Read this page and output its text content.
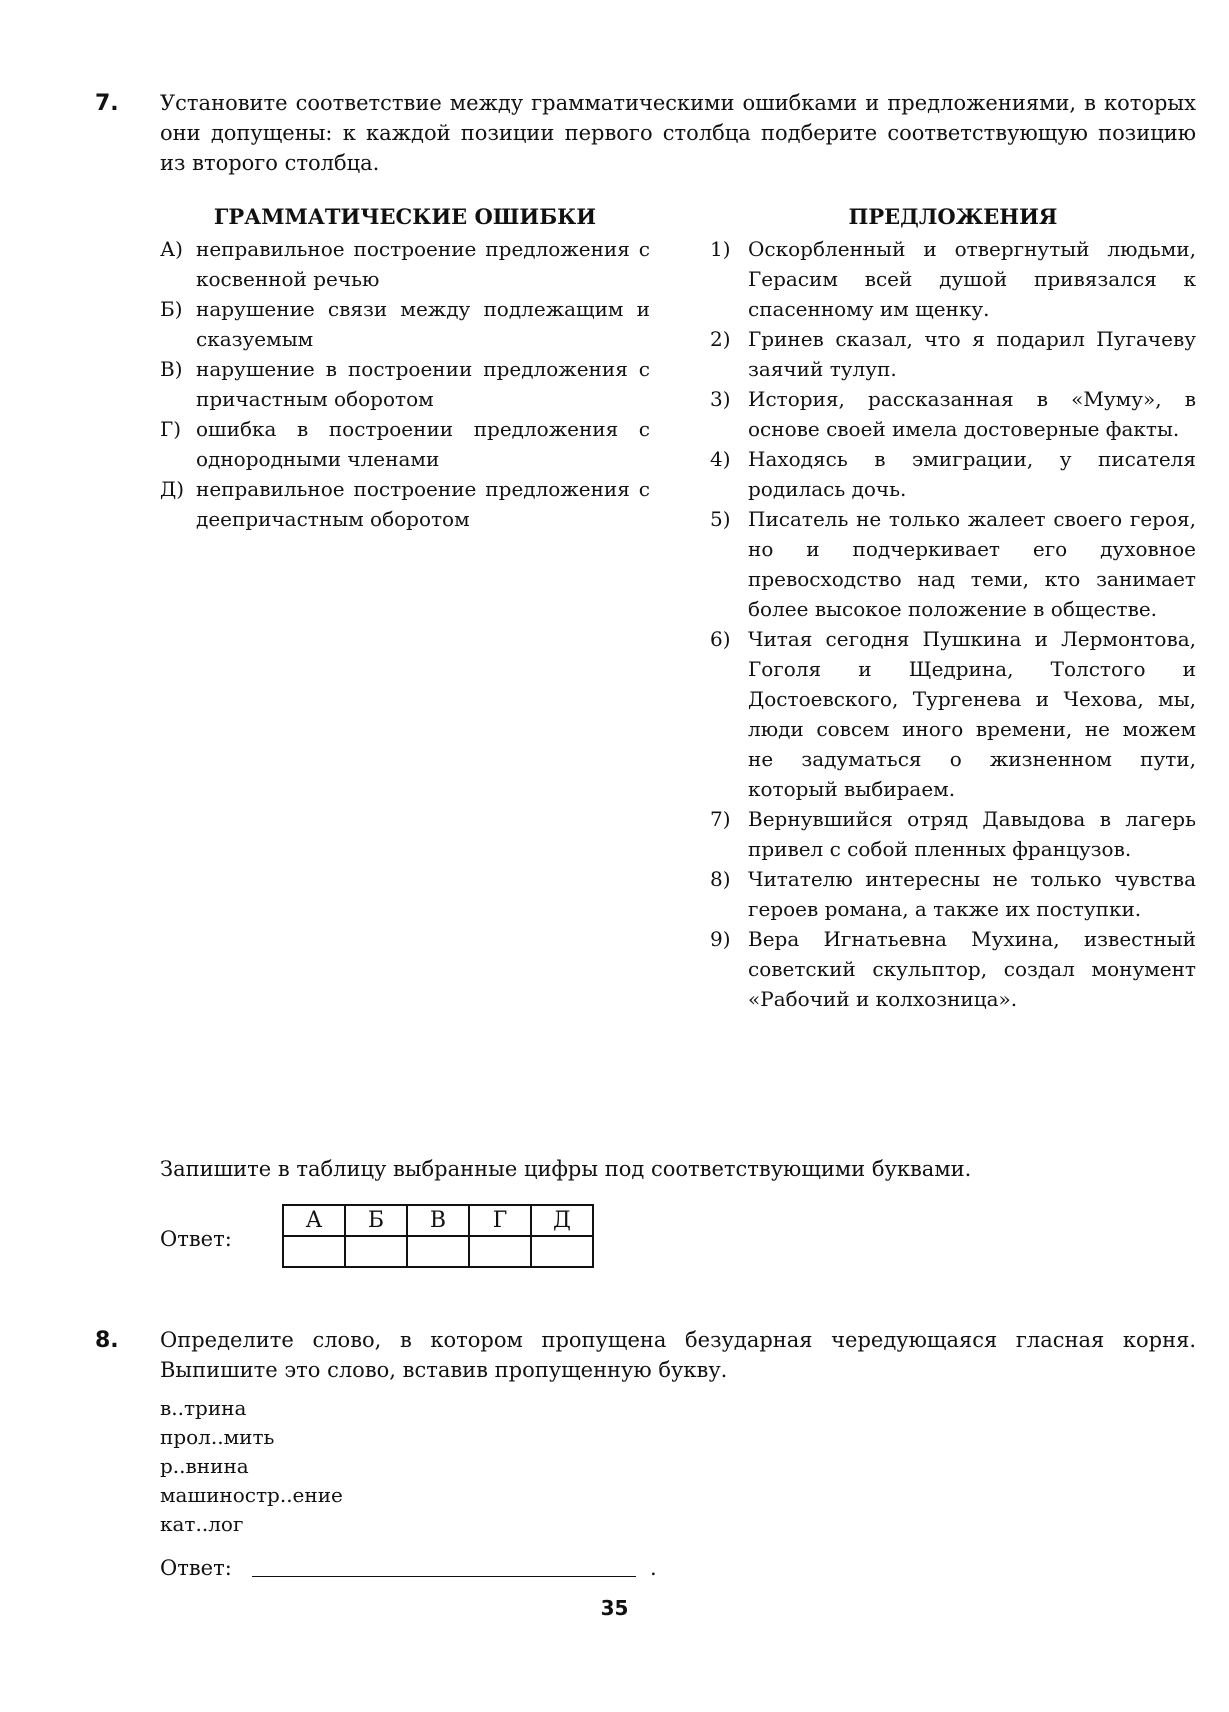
7. Установите соответствие между грамматическими ошибками и предложениями, в которых они допущены: к каждой позиции первого столбца подберите соответствующую позицию из второго столбца.
ГРАММАТИЧЕСКИЕ ОШИБКИ	ПРЕДЛОЖЕНИЯ
А) неправильное построение предложения с косвенной речью
Б) нарушение связи между подлежащим и сказуемым
В) нарушение в построении предложения с причастным оборотом
Г) ошибка в построении предложения с однородными членами
Д) неправильное построение предложения с деепричастным оборотом
1) Оскорбленный и отвергнутый людьми, Герасим всей душой привязался к спасенному им щенку.
2) Гринев сказал, что я подарил Пугачеву заячий тулуп.
3) История, рассказанная в «Муму», в основе своей имела достоверные факты.
4) Находясь в эмиграции, у писателя родилась дочь.
5) Писатель не только жалеет своего героя, но и подчеркивает его духовное превосходство над теми, кто занимает более высокое положение в обществе.
6) Читая сегодня Пушкина и Лермонтова, Гоголя и Щедрина, Толстого и Достоевского, Тургенева и Чехова, мы, люди совсем иного времени, не можем не задуматься о жизненном пути, который выбираем.
7) Вернувшийся отряд Давыдова в лагерь привел с собой пленных французов.
8) Читателю интересны не только чувства героев романа, а также их поступки.
9) Вера Игнатьевна Мухина, известный советский скульптор, создал монумент «Рабочий и колхозница».
Запишите в таблицу выбранные цифры под соответствующими буквами.
Ответ:
А	Б	В	Г	Д

8. Определите слово, в котором пропущена безударная чередующаяся гласная корня. Выпишите это слово, вставив пропущенную букву.
в..трина
прол..мить
р..внина
машиностр..ение
кат..лог
Ответ:	.
35
